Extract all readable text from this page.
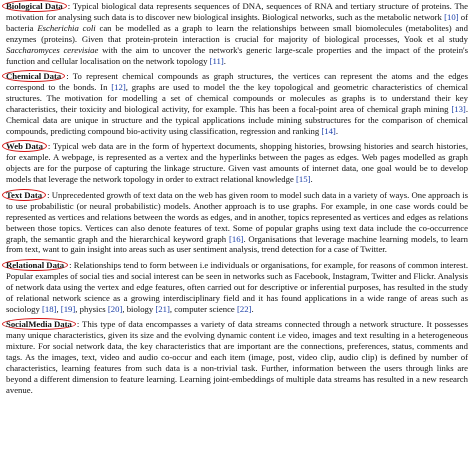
Biological Data : Typical biological data represents sequences of DNA, sequences of RNA and tertiary structure of proteins. The motivation for analysing such data is to discover new biological insights. Biological networks, such as the metabolic network [10] of bacteria Escherichia coli can be modelled as a graph to learn the relationships between small biomolecules (metabolites) and enzymes (proteins). Given that protein-protein interaction is crucial for majority of biological processes, Yook et al study Saccharomyces cerevisiae with the aim to uncover the network's generic large-scale properties and the impact of the protein's function and cellular localisation on the network topology [11].

Chemical Data : To represent chemical compounds as graph structures, the vertices can represent the atoms and the edges correspond to the bonds. In [12], graphs are used to model the the key topological and geometric characteristics of chemical structures. The motivation for modelling a set of chemical compounds or molecules as graphs is to understand their key characteristics, their toxicity and biological activity, for example. This has been a focal-point area of chemical graph mining [13]. Chemical data are unique in structure and the typical applications include mining substructures for the comparison of chemical compounds, predicting compound bio-activity using classification, regression and ranking [14].

Web Data : Typical web data are in the form of hypertext documents, shopping histories, browsing histories and search histories, for example. A webpage, is represented as a vertex and the hyperlinks between the pages as edges. Web pages modelled as graph objects are for the purpose of capturing the linkage structure. Given vast amounts of internet data, one goal would be to develop models that leverage the network topology in order to extract relational knowledge [15].

Text Data : Unprecedented growth of text data on the web has given room to model such data in a variety of ways. One approach is to use probabilistic (or neural probabilistic) models. Another approach is to use graphs. For example, in one case words could be represented as vertices and relations between the words as edges, and in another, topics represented as vertices and edges as relations between those topics. Vertices can also denote features of text. Some of popular graphs using text data include the co-occurrence graph, the semantic graph and the hierarchical keyword graph [16]. Organisations that leverage machine learning models, to learn from text, want to gain insight into areas such as user sentiment analysis, trend detection for a case of Twitter.

Relational Data : Relationships tend to form between i.e individuals or organisations, for example, for reasons of common interest. Popular examples of social ties and social interest can be seen in networks such as Facebook, Instagram, Twitter and Flickr. Analysis of network data using the vertex and edge features, often carried out for descriptive or inferential purposes, has resulted in the study of relational network science as a growing interdisciplinary field and it has found applications in a wide range of areas such as sociology [18], [19], physics [20], biology [21], computer science [22].

SocialMedia Data : This type of data encompasses a variety of data streams connected through a network structure. It possesses many unique characteristics, given its size and the evolving dynamic content i.e video, images and text resulting in a heterogeneous mixture. For social network data, the key characteristics that are important are the connections, preferences, status, comments and tags. As the images, text, video and audio co-occur and each item (image, post, video clip, audio clip) is defined by number of characteristics, learning features from such data is a non-trivial task. Further, information between the users through links are beyond a different dimension to feature learning. Learning joint-embeddings of multiple data streams has resulted in a new research avenue.
